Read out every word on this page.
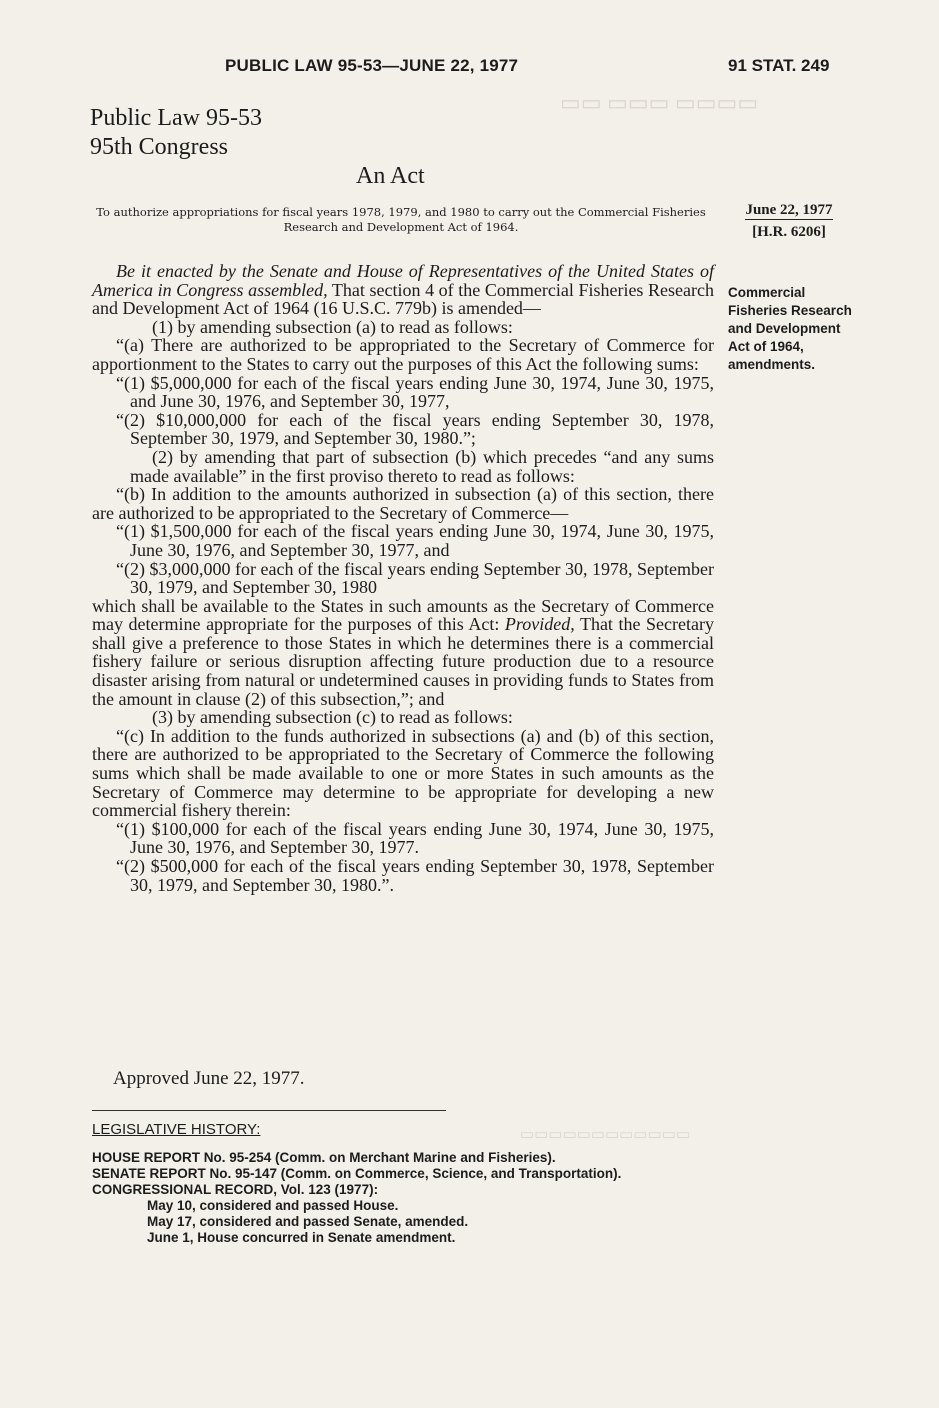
▭▭▭▭ ▭▭▭ ▭▭
▭▭▭▭▭▭▭▭▭▭▭▭
PUBLIC LAW 95-53—JUNE 22, 1977	91 STAT. 249
Public Law 95-53
95th Congress
An Act
To authorize appropriations for fiscal years 1978, 1979, and 1980 to carry out the Commercial Fisheries Research and Development Act of 1964.
June 22, 1977
[H.R. 6206]
Commercial Fisheries Research and Development Act of 1964, amendments.

Be it enacted by the Senate and House of Representatives of the United States of America in Congress assembled, That section 4 of the Commercial Fisheries Research and Development Act of 1964 (16 U.S.C. 779b) is amended—

(1) by amending subsection (a) to read as follows:

“(a) There are authorized to be appropriated to the Secretary of Commerce for apportionment to the States to carry out the purposes of this Act the following sums:

“(1) $5,000,000 for each of the fiscal years ending June 30, 1974, June 30, 1975, and June 30, 1976, and September 30, 1977,

“(2) $10,000,000 for each of the fiscal years ending September 30, 1978, September 30, 1979, and September 30, 1980.”;

(2) by amending that part of subsection (b) which precedes “and any sums made available” in the first proviso thereto to read as follows:

“(b) In addition to the amounts authorized in subsection (a) of this section, there are authorized to be appropriated to the Secretary of Commerce—

“(1) $1,500,000 for each of the fiscal years ending June 30, 1974, June 30, 1975, June 30, 1976, and September 30, 1977, and

“(2) $3,000,000 for each of the fiscal years ending September 30, 1978, September 30, 1979, and September 30, 1980

which shall be available to the States in such amounts as the Secretary of Commerce may determine appropriate for the purposes of this Act: Provided, That the Secretary shall give a preference to those States in which he determines there is a commercial fishery failure or serious disruption affecting future production due to a resource disaster arising from natural or undetermined causes in providing funds to States from the amount in clause (2) of this subsection,”; and

(3) by amending subsection (c) to read as follows:

“(c) In addition to the funds authorized in subsections (a) and (b) of this section, there are authorized to be appropriated to the Secretary of Commerce the following sums which shall be made available to one or more States in such amounts as the Secretary of Commerce may determine to be appropriate for developing a new commercial fishery therein:

“(1) $100,000 for each of the fiscal years ending June 30, 1974, June 30, 1975, June 30, 1976, and September 30, 1977.

“(2) $500,000 for each of the fiscal years ending September 30, 1978, September 30, 1979, and September 30, 1980.”.

Approved June 22, 1977.
LEGISLATIVE HISTORY:
HOUSE REPORT No. 95-254 (Comm. on Merchant Marine and Fisheries).
SENATE REPORT No. 95-147 (Comm. on Commerce, Science, and Transportation).
CONGRESSIONAL RECORD, Vol. 123 (1977):
May 10, considered and passed House.
May 17, considered and passed Senate, amended.
June 1, House concurred in Senate amendment.
